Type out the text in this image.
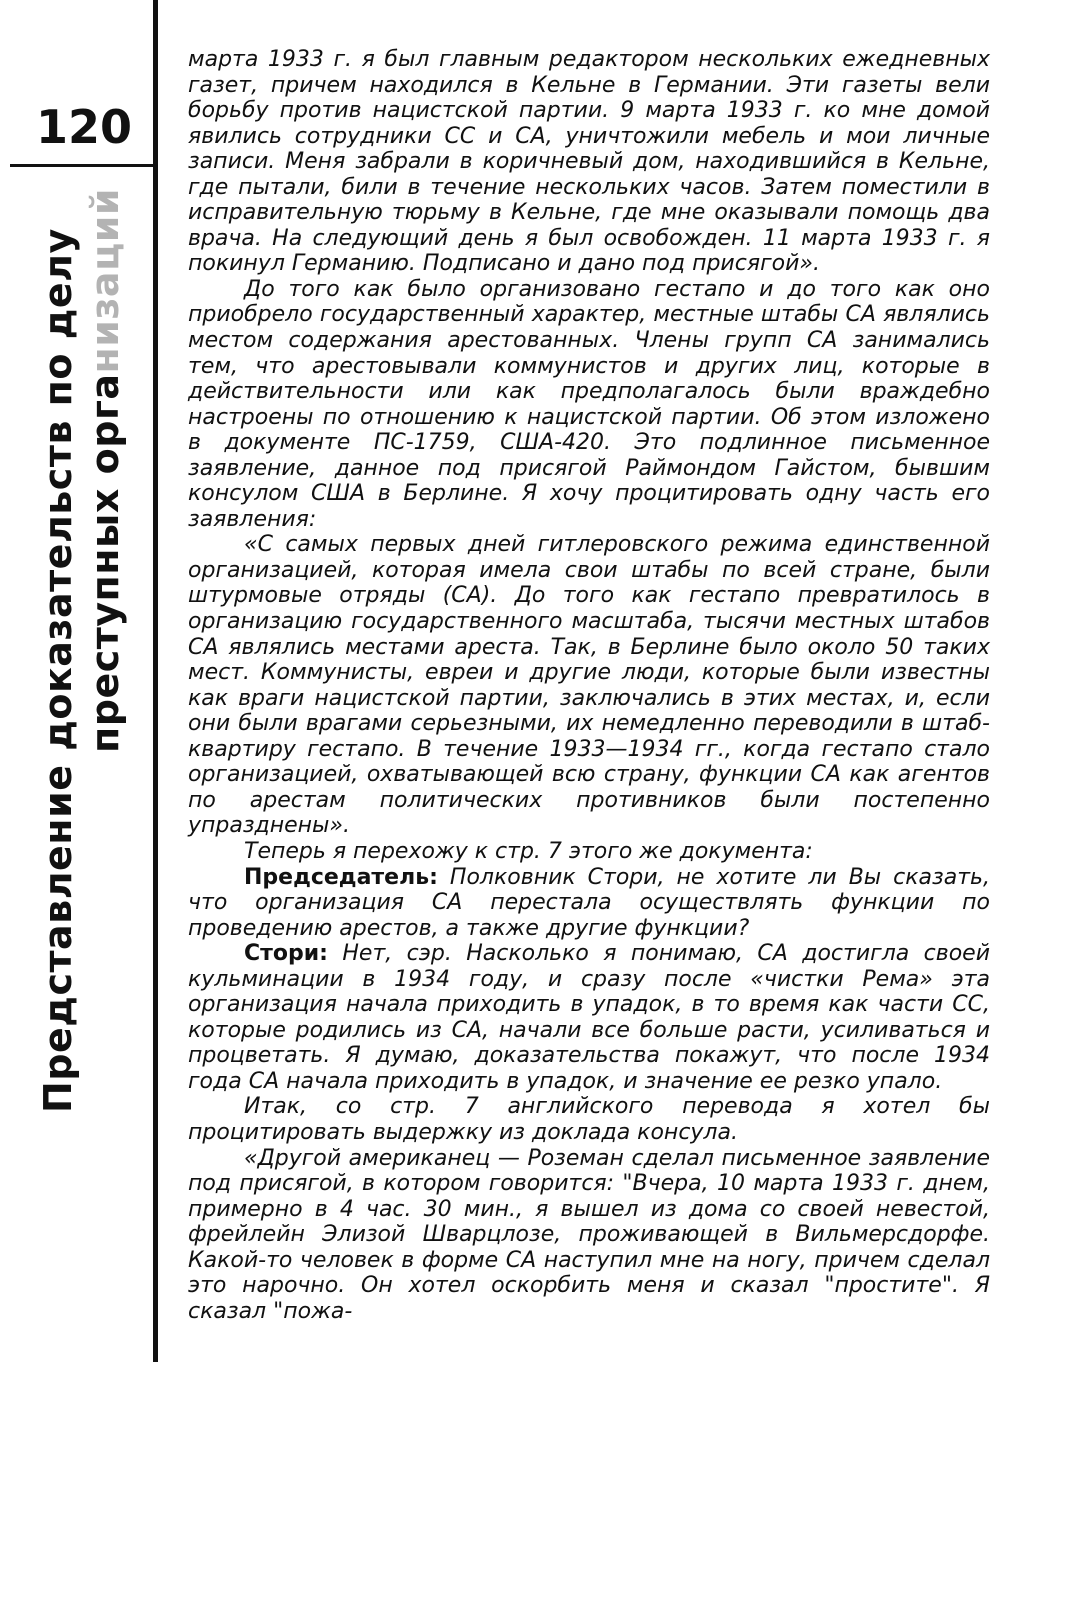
120
Представление доказательств по делу преступных организаций

марта 1933 г. я был главным редактором нескольких ежедневных газет, причем находился в Кельне в Германии. Эти газеты вели борьбу против нацистской партии. 9 марта 1933 г. ко мне домой явились сотрудники СС и СА, уничтожили мебель и мои личные записи. Меня забрали в коричневый дом, находившийся в Кельне, где пытали, били в течение нескольких часов. Затем поместили в исправительную тюрьму в Кельне, где мне оказывали помощь два врача. На следующий день я был освобожден. 11 марта 1933 г. я покинул Германию. Подписано и дано под присягой».

До того как было организовано гестапо и до того как оно приобрело государственный характер, местные штабы СА являлись местом содержания арестованных. Члены групп СА занимались тем, что арестовывали коммунистов и других лиц, которые в действительности или как предполагалось были враждебно настроены по отношению к нацистской партии. Об этом изложено в документе ПС-1759, США-420. Это подлинное письменное заявление, данное под присягой Раймондом Гайстом, бывшим консулом США в Берлине. Я хочу процитировать одну часть его заявления:

«С самых первых дней гитлеровского режима единственной организацией, которая имела свои штабы по всей стране, были штурмовые отряды (СА). До того как гестапо превратилось в организацию государственного масштаба, тысячи местных штабов СА являлись местами ареста. Так, в Берлине было около 50 таких мест. Коммунисты, евреи и другие люди, которые были известны как враги нацистской партии, заключались в этих местах, и, если они были врагами серьезными, их немедленно переводили в штаб-квартиру гестапо. В течение 1933—1934 гг., когда гестапо стало организацией, охватывающей всю страну, функции СА как агентов по арестам политических противников были постепенно упразднены».

Теперь я перехожу к стр. 7 этого же документа:

Председатель: Полковник Стори, не хотите ли Вы сказать, что организация СА перестала осуществлять функции по проведению арестов, а также другие функции?

Стори: Нет, сэр. Насколько я понимаю, СА достигла своей кульминации в 1934 году, и сразу после «чистки Рема» эта организация начала приходить в упадок, в то время как части СС, которые родились из СА, начали все больше расти, усиливаться и процветать. Я думаю, доказательства покажут, что после 1934 года СА начала приходить в упадок, и значение ее резко упало.

Итак, со стр. 7 английского перевода я хотел бы процитировать выдержку из доклада консула.

«Другой американец — Роземан сделал письменное заявление под присягой, в котором говорится: "Вчера, 10 марта 1933 г. днем, примерно в 4 час. 30 мин., я вышел из дома со своей невестой, фрейлейн Элизой Шварцлозе, проживающей в Вильмерсдорфе. Какой-то человек в форме СА наступил мне на ногу, причем сделал это нарочно. Он хотел оскорбить меня и сказал "простите". Я сказал "пожа-
